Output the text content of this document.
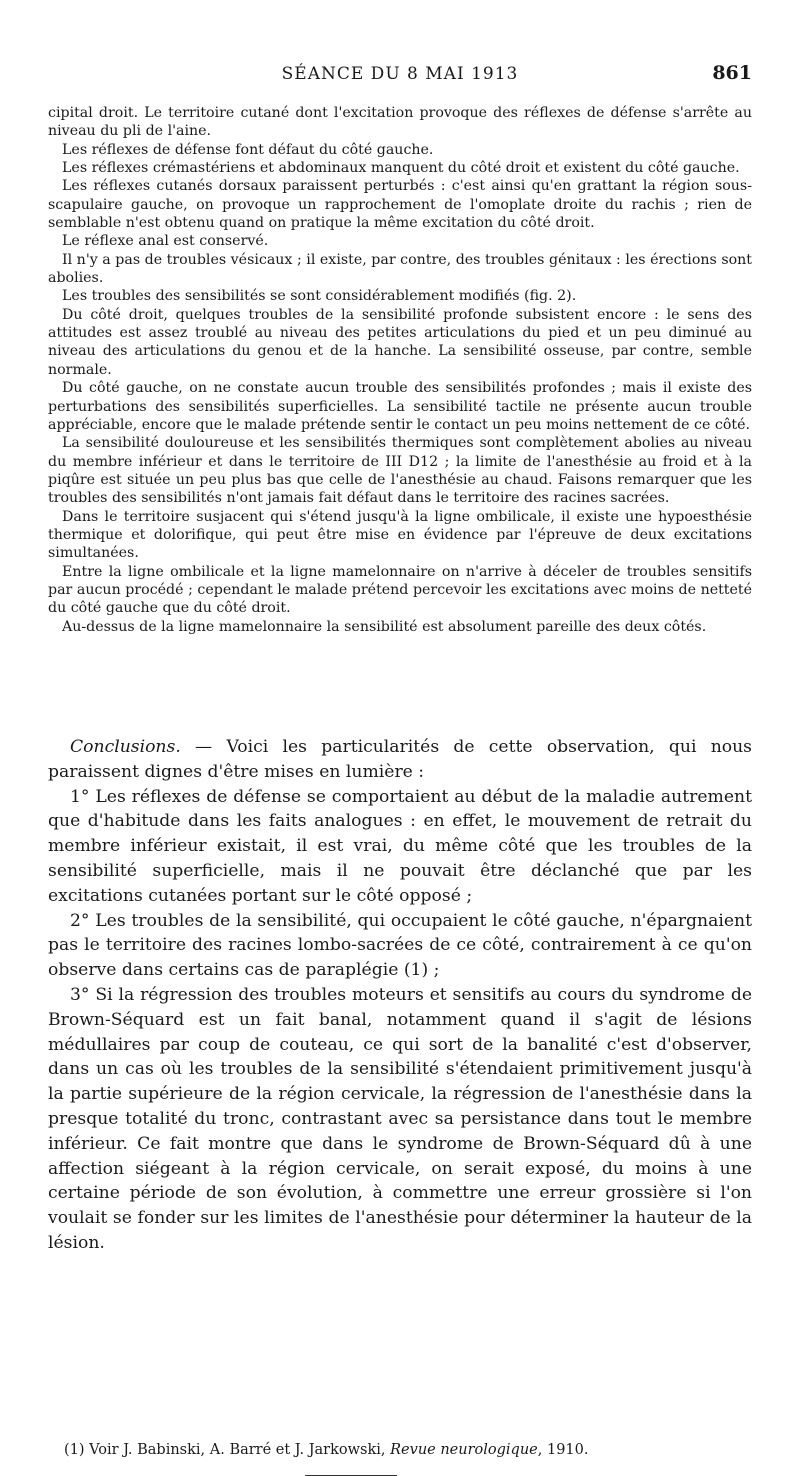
SÉANCE DU 8 MAI 1913	861

cipital droit. Le territoire cutané dont l'excitation provoque des réflexes de défense s'arrête au niveau du pli de l'aine.

Les réflexes de défense font défaut du côté gauche.

Les réflexes crémastériens et abdominaux manquent du côté droit et existent du côté gauche.

Les réflexes cutanés dorsaux paraissent perturbés : c'est ainsi qu'en grattant la région sous-scapulaire gauche, on provoque un rapprochement de l'omoplate droite du rachis ; rien de semblable n'est obtenu quand on pratique la même excitation du côté droit.

Le réflexe anal est conservé.

Il n'y a pas de troubles vésicaux ; il existe, par contre, des troubles génitaux : les érections sont abolies.

Les troubles des sensibilités se sont considérablement modifiés (fig. 2).

Du côté droit, quelques troubles de la sensibilité profonde subsistent encore : le sens des attitudes est assez troublé au niveau des petites articulations du pied et un peu diminué au niveau des articulations du genou et de la hanche. La sensibilité osseuse, par contre, semble normale.

Du côté gauche, on ne constate aucun trouble des sensibilités profondes ; mais il existe des perturbations des sensibilités superficielles. La sensibilité tactile ne présente aucun trouble appréciable, encore que le malade prétende sentir le contact un peu moins nettement de ce côté.

La sensibilité douloureuse et les sensibilités thermiques sont complètement abolies au niveau du membre inférieur et dans le territoire de III D12 ; la limite de l'anesthésie au froid et à la piqûre est située un peu plus bas que celle de l'anesthésie au chaud. Faisons remarquer que les troubles des sensibilités n'ont jamais fait défaut dans le territoire des racines sacrées.

Dans le territoire susjacent qui s'étend jusqu'à la ligne ombilicale, il existe une hypoesthésie thermique et dolorifique, qui peut être mise en évidence par l'épreuve de deux excitations simultanées.

Entre la ligne ombilicale et la ligne mamelonnaire on n'arrive à déceler de troubles sensitifs par aucun procédé ; cependant le malade prétend percevoir les excitations avec moins de netteté du côté gauche que du côté droit.

Au-dessus de la ligne mamelonnaire la sensibilité est absolument pareille des deux côtés.

Conclusions. — Voici les particularités de cette observation, qui nous paraissent dignes d'être mises en lumière :

1° Les réflexes de défense se comportaient au début de la maladie autrement que d'habitude dans les faits analogues : en effet, le mouvement de retrait du membre inférieur existait, il est vrai, du même côté que les troubles de la sensibilité superficielle, mais il ne pouvait être déclanché que par les excitations cutanées portant sur le côté opposé ;

2° Les troubles de la sensibilité, qui occupaient le côté gauche, n'épargnaient pas le territoire des racines lombo-sacrées de ce côté, contrairement à ce qu'on observe dans certains cas de paraplégie (1) ;

3° Si la régression des troubles moteurs et sensitifs au cours du syndrome de Brown-Séquard est un fait banal, notamment quand il s'agit de lésions médullaires par coup de couteau, ce qui sort de la banalité c'est d'observer, dans un cas où les troubles de la sensibilité s'étendaient primitivement jusqu'à la partie supérieure de la région cervicale, la régression de l'anesthésie dans la presque totalité du tronc, contrastant avec sa persistance dans tout le membre inférieur. Ce fait montre que dans le syndrome de Brown-Séquard dû à une affection siégeant à la région cervicale, on serait exposé, du moins à une certaine période de son évolution, à commettre une erreur grossière si l'on voulait se fonder sur les limites de l'anesthésie pour déterminer la hauteur de la lésion.

(1) Voir J. Babinski, A. Barré et J. Jarkowski, Revue neurologique, 1910.
